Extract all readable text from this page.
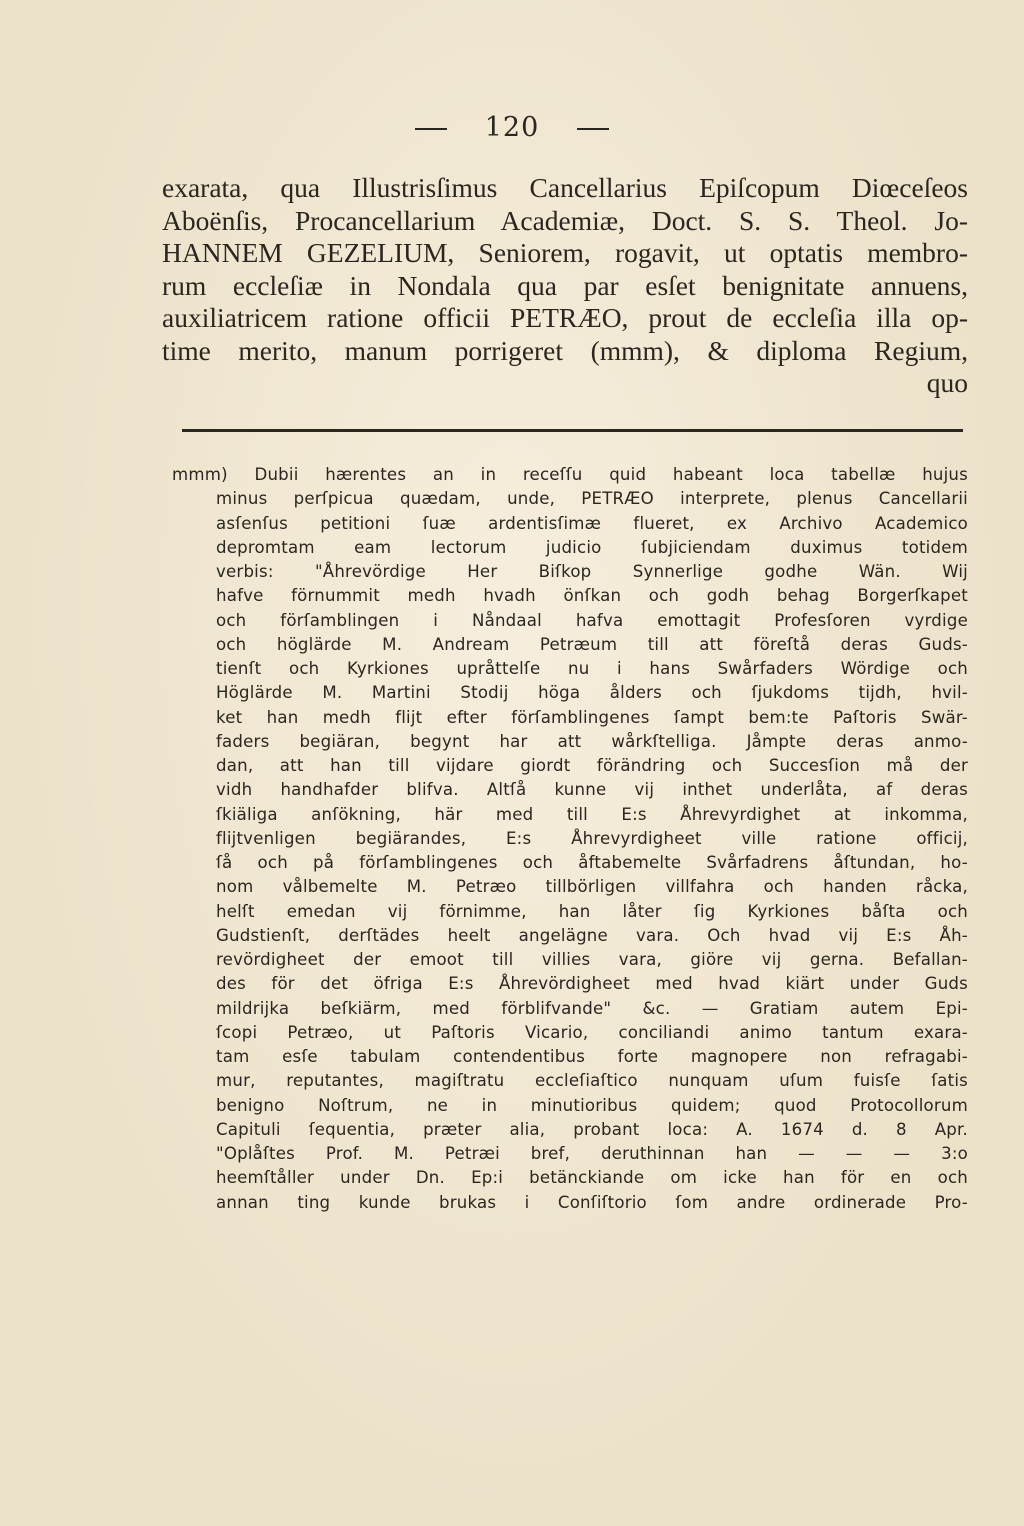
120
exarata, qua Illustrisſimus Cancellarius Epiſcopum Diœceſeos
Aboënſis, Procancellarium Academiæ, Doct. S. S. Theol. Jo-
HANNEM GEZELIUM, Seniorem, rogavit, ut optatis membro-
rum eccleſiæ in Nondala qua par esſet benignitate annuens,
auxiliatricem ratione officii PETRÆO, prout de eccleſia illa op-
time merito, manum porrigeret (mmm), & diploma Regium,
quo
mmm) Dubii hærentes an in receſſu quid habeant loca tabellæ hujus
minus perſpicua quædam, unde, PETRÆO interprete, plenus Cancellarii
asſenſus petitioni ſuæ ardentisſimæ flueret, ex Archivo Academico
depromtam eam lectorum judicio ſubjiciendam duximus totidem
verbis: "Åhrevördige Her Biſkop Synnerlige godhe Wän. Wij
hafve förnummit medh hvadh önſkan och godh behag Borgerſkapet
och förſamblingen i Nåndaal hafva emottagit Profesſoren vyrdige
och höglärde M. Andream Petræum till att föreſtå deras Guds-
tienſt och Kyrkiones upråttelſe nu i hans Swårfaders Wördige och
Höglärde M. Martini Stodij höga ålders och ſjukdoms tijdh, hvil-
ket han medh flijt efter förſamblingenes ſampt bem:te Paſtoris Swär-
faders begiäran, begynt har att wårkſtelliga. Jåmpte deras anmo-
dan, att han till vijdare giordt förändring och Succesſion må der
vidh handhafder blifva. Altſå kunne vij inthet underlåta, af deras
ſkiäliga anſökning, här med till E:s Åhrevyrdighet at inkomma,
flijtvenligen begiärandes, E:s Åhrevyrdigheet ville ratione officij,
ſå och på förſamblingenes och åftabemelte Svårfadrens åſtundan, ho-
nom vålbemelte M. Petræo tillbörligen villfahra och handen råcka,
helſt emedan vij förnimme, han låter ſig Kyrkiones båſta och
Gudstienſt, derſtädes heelt angelägne vara. Och hvad vij E:s Åh-
revördigheet der emoot till villies vara, giöre vij gerna. Befallan-
des för det öfriga E:s Åhrevördigheet med hvad kiärt under Guds
mildrijka beſkiärm, med förblifvande" &c. — Gratiam autem Epi-
ſcopi Petræo, ut Paſtoris Vicario, conciliandi animo tantum exara-
tam esſe tabulam contendentibus forte magnopere non refragabi-
mur, reputantes, magiſtratu eccleſiaſtico nunquam uſum fuisſe ſatis
benigno Noſtrum, ne in minutioribus quidem; quod Protocollorum
Capituli ſequentia, præter alia, probant loca: A. 1674 d. 8 Apr.
"Oplåſtes Prof. M. Petræi bref, deruthinnan han — — — 3:o
heemſtåller under Dn. Ep:i betänckiande om icke han för en och
annan ting kunde brukas i Conſiſtorio ſom andre ordinerade Pro-
